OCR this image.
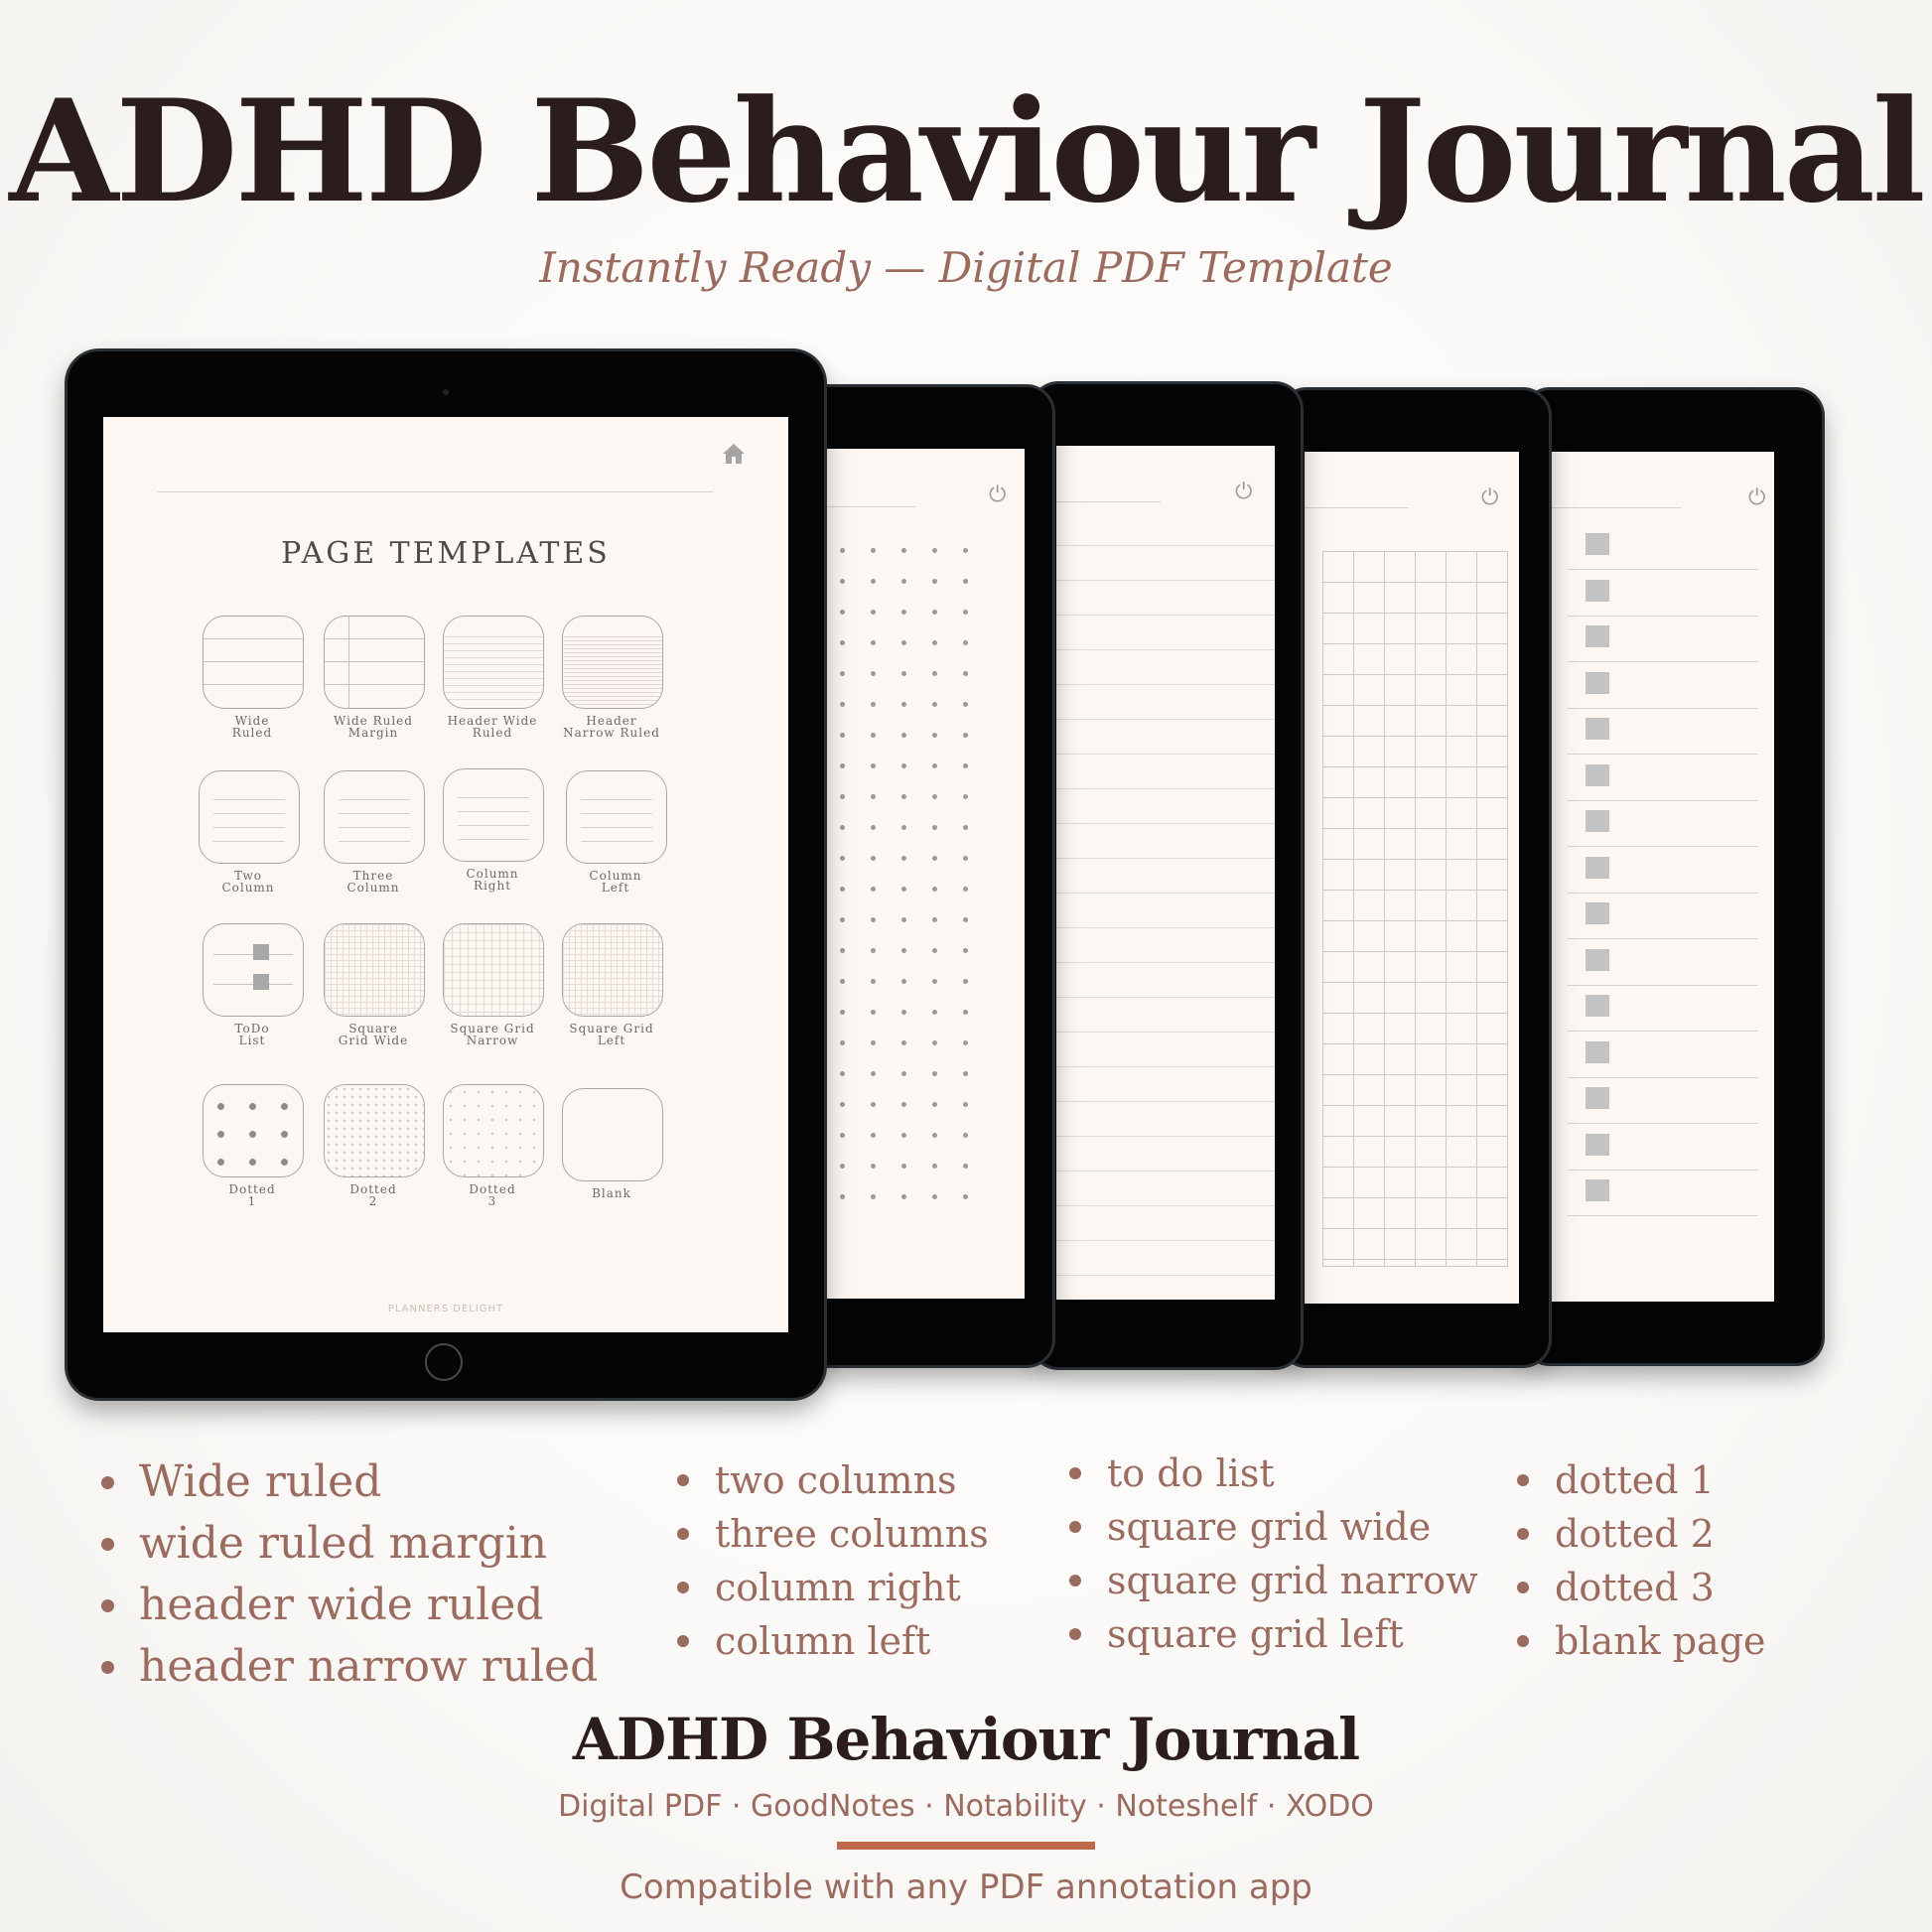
ADHD Behaviour Journal
Instantly Ready — Digital PDF Template
⏻
⏻
⏻
⏻
PAGE TEMPLATES
Wide
Ruled
Wide Ruled
Margin
Header Wide
Ruled
Header
Narrow Ruled
Two
Column
Three
Column
Column
Right
Column
Left
ToDo
List
Square
Grid Wide
Square Grid
Narrow
Square Grid
Left
Dotted
1
Dotted
2
Dotted
3
Blank
PLANNERS DELIGHT
Wide ruled
wide ruled margin
header wide ruled
header narrow ruled
two columns
three columns
column right
column left
to do list
square grid wide
square grid narrow
square grid left
dotted 1
dotted 2
dotted 3
blank page
ADHD Behaviour Journal
Digital PDF · GoodNotes · Notability · Noteshelf · XODO
Compatible with any PDF annotation app
